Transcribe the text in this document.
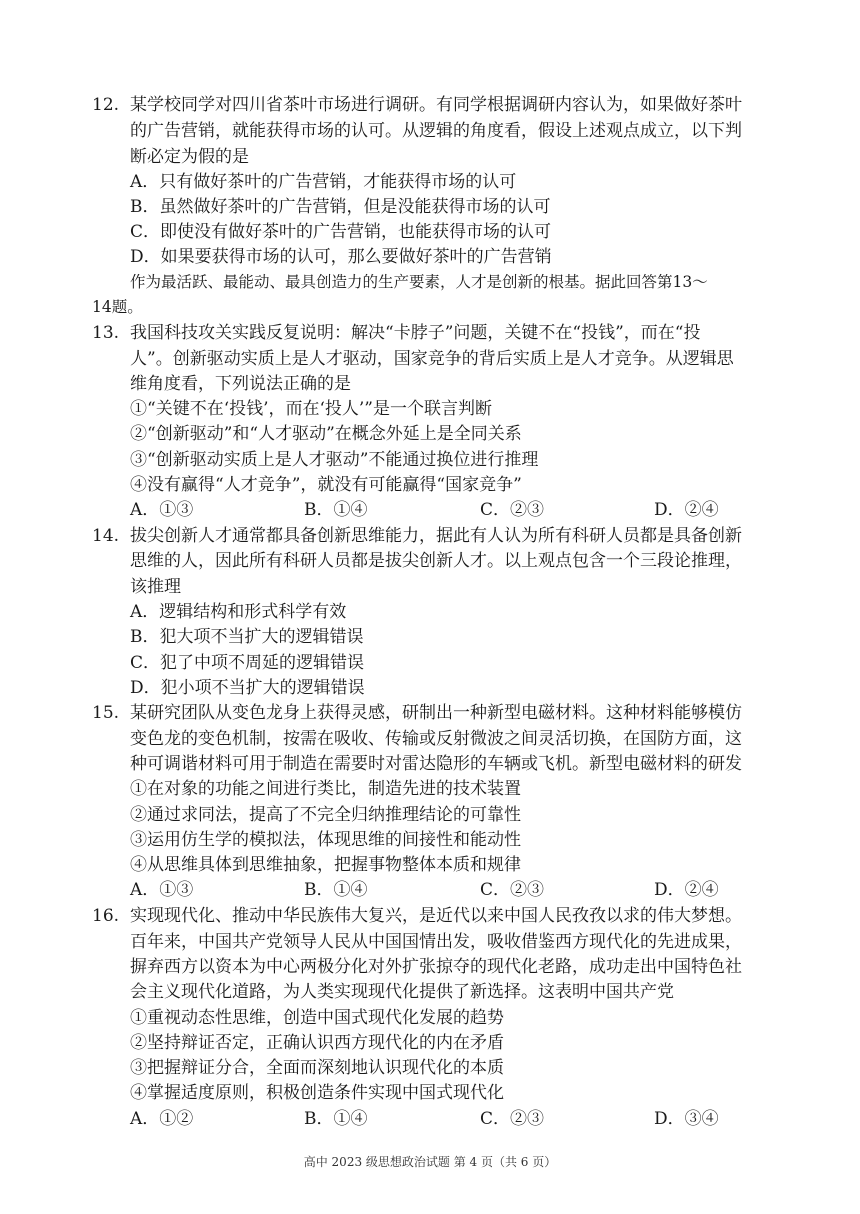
12. 某学校同学对四川省茶叶市场进行调研。有同学根据调研内容认为，如果做好茶叶
的广告营销，就能获得市场的认可。从逻辑的角度看，假设上述观点成立，以下判
断必定为假的是
A．只有做好茶叶的广告营销，才能获得市场的认可
B．虽然做好茶叶的广告营销，但是没能获得市场的认可
C．即使没有做好茶叶的广告营销，也能获得市场的认可
D．如果要获得市场的认可，那么要做好茶叶的广告营销
作为最活跃、最能动、最具创造力的生产要素，人才是创新的根基。据此回答第13～
14题。
13. 我国科技攻关实践反复说明：解决“卡脖子”问题，关键不在“投钱”，而在“投
人”。创新驱动实质上是人才驱动，国家竞争的背后实质上是人才竞争。从逻辑思
维角度看，下列说法正确的是
①“关键不在‘投钱’，而在‘投人’”是一个联言判断
②“创新驱动”和“人才驱动”在概念外延上是全同关系
③“创新驱动实质上是人才驱动”不能通过换位进行推理
④没有赢得“人才竞争”，就没有可能赢得“国家竞争”
A．①③	B．①④	C．②③	D．②④
14. 拔尖创新人才通常都具备创新思维能力，据此有人认为所有科研人员都是具备创新
思维的人，因此所有科研人员都是拔尖创新人才。以上观点包含一个三段论推理，
该推理
A．逻辑结构和形式科学有效
B．犯大项不当扩大的逻辑错误
C．犯了中项不周延的逻辑错误
D．犯小项不当扩大的逻辑错误
15. 某研究团队从变色龙身上获得灵感，研制出一种新型电磁材料。这种材料能够模仿
变色龙的变色机制，按需在吸收、传输或反射微波之间灵活切换，在国防方面，这
种可调谐材料可用于制造在需要时对雷达隐形的车辆或飞机。新型电磁材料的研发
①在对象的功能之间进行类比，制造先进的技术装置
②通过求同法，提高了不完全归纳推理结论的可靠性
③运用仿生学的模拟法，体现思维的间接性和能动性
④从思维具体到思维抽象，把握事物整体本质和规律
A．①③	B．①④	C．②③	D．②④
16. 实现现代化、推动中华民族伟大复兴，是近代以来中国人民孜孜以求的伟大梦想。
百年来，中国共产党领导人民从中国国情出发，吸收借鉴西方现代化的先进成果，
摒弃西方以资本为中心两极分化对外扩张掠夺的现代化老路，成功走出中国特色社
会主义现代化道路，为人类实现现代化提供了新选择。这表明中国共产党
①重视动态性思维，创造中国式现代化发展的趋势
②坚持辩证否定，正确认识西方现代化的内在矛盾
③把握辩证分合，全面而深刻地认识现代化的本质
④掌握适度原则，积极创造条件实现中国式现代化
A．①②	B．①④	C．②③	D．③④
高中 2023 级思想政治试题 第 4 页（共 6 页）
